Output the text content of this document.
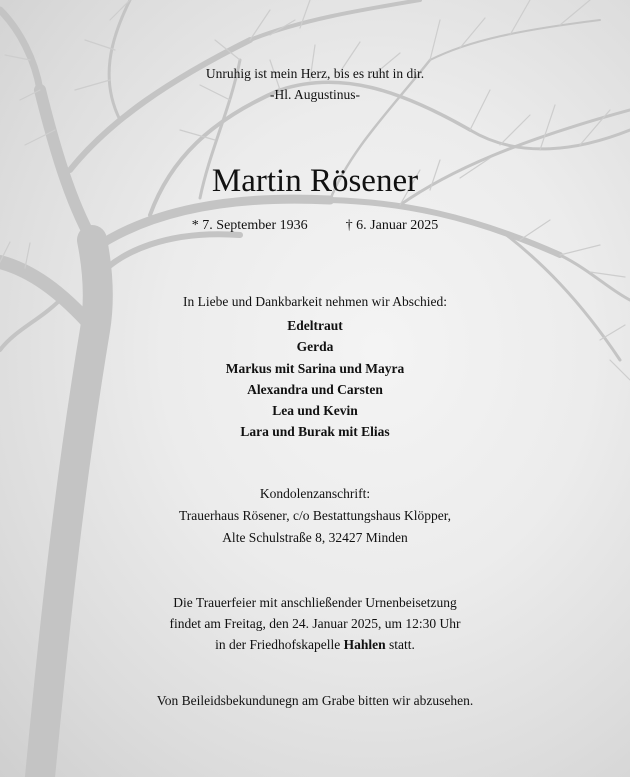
Unruhig ist mein Herz, bis es ruht in dir.
-Hl. Augustinus-
Martin Rösener
* 7. September 1936	† 6. Januar 2025
In Liebe und Dankbarkeit nehmen wir Abschied:
Edeltraut
Gerda
Markus mit Sarina und Mayra
Alexandra und Carsten
Lea und Kevin
Lara und Burak mit Elias
Kondolenzanschrift:
Trauerhaus Rösener, c/o Bestattungshaus Klöpper,
Alte Schulstraße 8, 32427 Minden
Die Trauerfeier mit anschließender Urnenbeisetzung
findet am Freitag, den 24. Januar 2025, um 12:30 Uhr
in der Friedhofskapelle Hahlen statt.
Von Beileidsbekundunegn am Grabe bitten wir abzusehen.
